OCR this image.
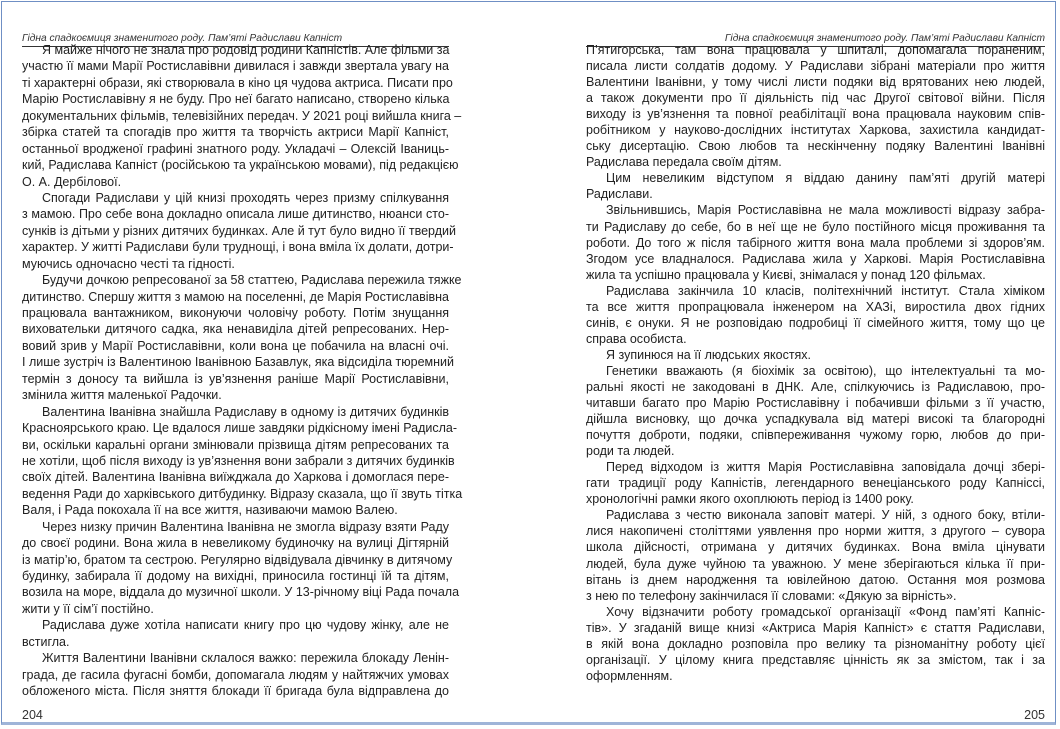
Гідна спадкоємиця знаменитого роду. Пам’яті Радислави Капніст
Я майже нічого не знала про родовід родини Капністів. Але фільми за
участю її мами Марії Ростиславівни дивилася і завжди звертала увагу на
ті характерні образи, які створювала в кіно ця чудова актриса. Писати про
Марію Ростиславівну я не буду. Про неї багато написано, створено кілька
документальних фільмів, телевізійних передач. У 2021 році вийшла книга –
збірка статей та спогадів про життя та творчість актриси Марії Капніст,
останньої вродженої графині знатного роду. Укладачі – Олексій Іваниць-
кий, Радислава Капніст (російською та українською мовами), під редакцією
О. А. Дербілової.
Спогади Радислави у цій книзі проходять через призму спілкування
з мамою. Про себе вона докладно описала лише дитинство, нюанси сто-
сунків із дітьми у різних дитячих будинках. Але й тут було видно її твердий
характер. У житті Радислави були труднощі, і вона вміла їх долати, дотри-
муючись одночасно честі та гідності.
Будучи дочкою репресованої за 58 статтею, Радислава пережила тяжке
дитинство. Спершу життя з мамою на поселенні, де Марія Ростиславівна
працювала вантажником, виконуючи чоловічу роботу. Потім знущання
виховательки дитячого садка, яка ненавиділа дітей репресованих. Нер-
вовий зрив у Марії Ростиславівни, коли вона це побачила на власні очі.
І лише зустріч із Валентиною Іванівною Базавлук, яка відсиділа тюремний
термін з доносу та вийшла із ув’язнення раніше Марії Ростиславівни,
змінила життя маленької Радочки.
Валентина Іванівна знайшла Радиславу в одному із дитячих будинків
Красноярського краю. Це вдалося лише завдяки рідкісному імені Радисла-
ви, оскільки каральні органи змінювали прізвища дітям репресованих та
не хотіли, щоб після виходу із ув’язнення вони забрали з дитячих будинків
своїх дітей. Валентина Іванівна виїжджала до Харкова і домоглася пере-
ведення Ради до харківського дитбудинку. Відразу сказала, що її звуть тітка
Валя, і Рада покохала її на все життя, називаючи мамою Валею.
Через низку причин Валентина Іванівна не змогла відразу взяти Раду
до своєї родини. Вона жила в невеликому будиночку на вулиці Дігтярній
із матір’ю, братом та сестрою. Регулярно відвідувала дівчинку в дитячому
будинку, забирала її додому на вихідні, приносила гостинці їй та дітям,
возила на море, віддала до музичної школи. У 13-річному віці Рада почала
жити у її сім’ї постійно.
Радислава дуже хотіла написати книгу про цю чудову жінку, але не
встигла.
Життя Валентини Іванівни склалося важко: пережила блокаду Ленін-
града, де гасила фугасні бомби, допомагала людям у найтяжчих умовах
обложеного міста. Після зняття блокади її бригада була відправлена до
204
Гідна спадкоємиця знаменитого роду. Пам’яті Радислави Капніст
П’ятигорська, там вона працювала у шпиталі, допомагала пораненим,
писала листи солдатів додому. У Радислави зібрані матеріали про життя
Валентини Іванівни, у тому числі листи подяки від врятованих нею людей,
а також документи про її діяльність під час Другої світової війни. Після
виходу із ув’язнення та повної реабілітації вона працювала науковим спів-
робітником у науково-дослідних інститутах Харкова, захистила кандидат-
ську дисертацію. Свою любов та нескінченну подяку Валентині Іванівні
Радислава передала своїм дітям.
Цим невеликим відступом я віддаю данину пам’яті другій матері
Радислави.
Звільнившись, Марія Ростиславівна не мала можливості відразу забра-
ти Радиславу до себе, бо в неї ще не було постійного місця проживання та
роботи. До того ж після табірного життя вона мала проблеми зі здоров’ям.
Згодом усе владналося. Радислава жила у Харкові. Марія Ростиславівна
жила та успішно працювала у Києві, знімалася у понад 120 фільмах.
Радислава закінчила 10 класів, політехнічний інститут. Стала хіміком
та все життя пропрацювала інженером на ХАЗі, виростила двох гідних
синів, є онуки. Я не розповідаю подробиці її сімейного життя, тому що це
справа особиста.
Я зупинюся на її людських якостях.
Генетики вважають (я біохімік за освітою), що інтелектуальні та мо-
ральні якості не закодовані в ДНК. Але, спілкуючись із Радиславою, про-
читавши багато про Марію Ростиславівну і побачивши фільми з її участю,
дійшла висновку, що дочка успадкувала від матері високі та благородні
почуття доброти, подяки, співпереживання чужому горю, любов до при-
роди та людей.
Перед відходом із життя Марія Ростиславівна заповідала дочці збері-
гати традиції роду Капністів, легендарного венеціанського роду Капніссі,
хронологічні рамки якого охоплюють період із 1400 року.
Радислава з честю виконала заповіт матері. У ній, з одного боку, втіли-
лися накопичені століттями уявлення про норми життя, з другого – сувора
школа дійсності, отримана у дитячих будинках. Вона вміла цінувати
людей, була дуже чуйною та уважною. У мене зберігаються кілька її при-
вітань із днем народження та ювілейною датою. Остання моя розмова
з нею по телефону закінчилася її словами: «Дякую за вірність».
Хочу відзначити роботу громадської організації «Фонд пам’яті Капніс-
тів». У згаданій вище книзі «Актриса Марія Капніст» є стаття Радислави,
в якій вона докладно розповіла про велику та різноманітну роботу цієї
організації. У цілому книга представляє цінність як за змістом, так і за
оформленням.
205
